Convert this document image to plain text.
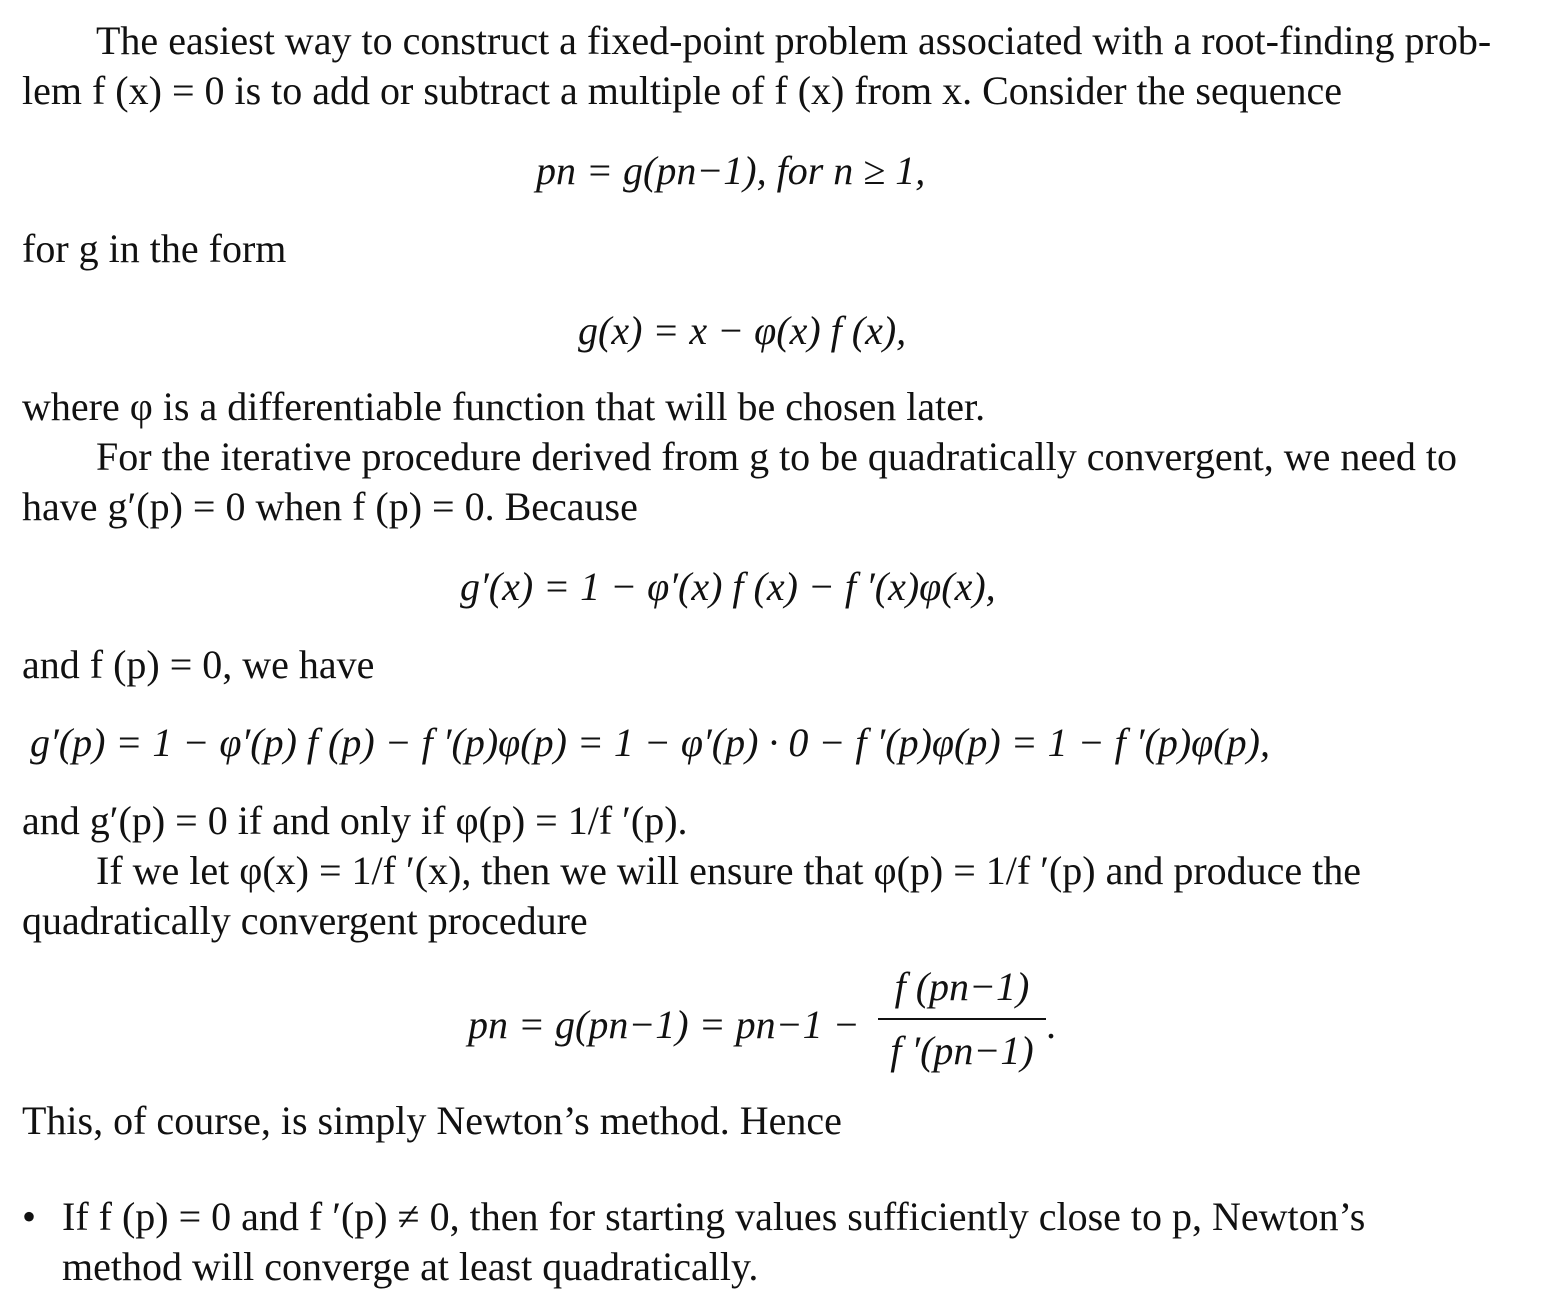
The easiest way to construct a fixed-point problem associated with a root-finding prob-
lem f (x) = 0 is to add or subtract a multiple of f (x) from x. Consider the sequence

pn = g(pn−1), for n ≥ 1,

for g in the form

g(x) = x − φ(x) f (x),

where φ is a differentiable function that will be chosen later.

For the iterative procedure derived from g to be quadratically convergent, we need to
have g′(p) = 0 when f (p) = 0. Because

g′(x) = 1 − φ′(x) f (x) − f ′(x)φ(x),

and f (p) = 0, we have

g′(p) = 1 − φ′(p) f (p) − f ′(p)φ(p) = 1 − φ′(p) · 0 − f ′(p)φ(p) = 1 − f ′(p)φ(p),

and g′(p) = 0 if and only if φ(p) = 1/f ′(p).

If we let φ(x) = 1/f ′(x), then we will ensure that φ(p) = 1/f ′(p) and produce the
quadratically convergent procedure

pn = g(pn−1) = pn−1 −
f (pn−1)
f ′(pn−1)
.

This, of course, is simply Newton’s method. Hence

• If f (p) = 0 and f ′(p) ≠ 0, then for starting values sufficiently close to p, Newton’s
method will converge at least quadratically.
